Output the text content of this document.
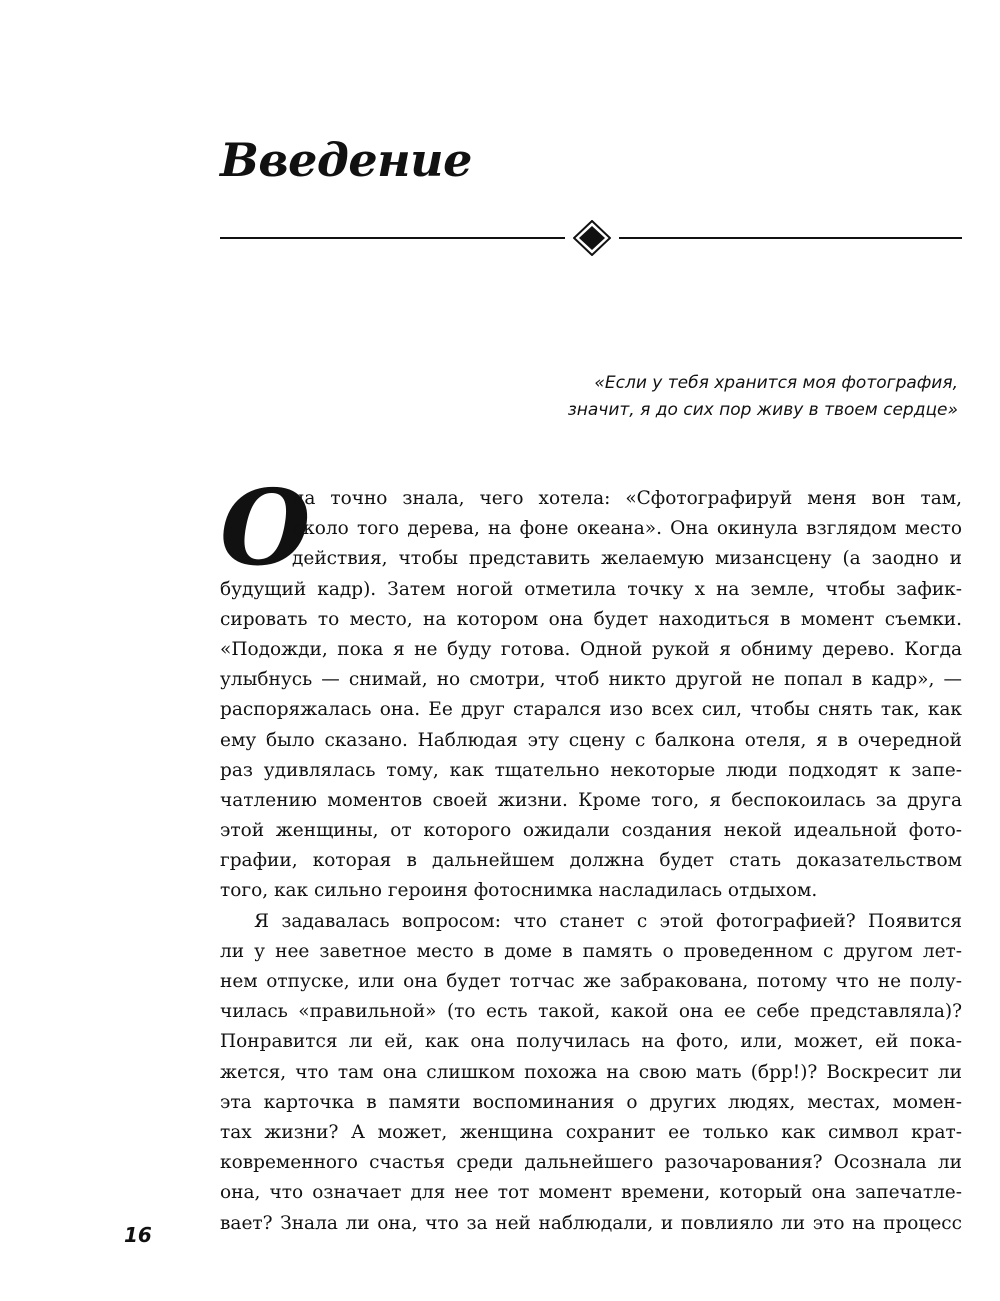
Введение
«Если у тебя хранится моя фотография,
значит, я до сих пор живу в твоем сердце»
О
на точно знала, чего хотела: «Сфотографируй меня вон там,
около того дерева, на фоне океана». Она окинула взглядом место
действия, чтобы представить желаемую мизансцену (а заодно и
будущий кадр). Затем ногой отметила точку х на земле, чтобы зафик-
сировать то место, на котором она будет находиться в момент съемки.
«Подожди, пока я не буду готова. Одной рукой я обниму дерево. Когда
улыбнусь — снимай, но смотри, чтоб никто другой не попал в кадр», —
распоряжалась она. Ее друг старался изо всех сил, чтобы снять так, как
ему было сказано. Наблюдая эту сцену с балкона отеля, я в очередной
раз удивлялась тому, как тщательно некоторые люди подходят к запе-
чатлению моментов своей жизни. Кроме того, я беспокоилась за друга
этой женщины, от которого ожидали создания некой идеальной фото-
графии, которая в дальнейшем должна будет стать доказательством
того, как сильно героиня фотоснимка насладилась отдыхом.
Я задавалась вопросом: что станет с этой фотографией? Появится
ли у нее заветное место в доме в память о проведенном с другом лет-
нем отпуске, или она будет тотчас же забракована, потому что не полу-
чилась «правильной» (то есть такой, какой она ее себе представляла)?
Понравится ли ей, как она получилась на фото, или, может, ей пока-
жется, что там она слишком похожа на свою мать (брр!)? Воскресит ли
эта карточка в памяти воспоминания о других людях, местах, момен-
тах жизни? А может, женщина сохранит ее только как символ крат-
ковременного счастья среди дальнейшего разочарования? Осознала ли
она, что означает для нее тот момент времени, который она запечатле-
вает? Знала ли она, что за ней наблюдали, и повлияло ли это на процесс
16
